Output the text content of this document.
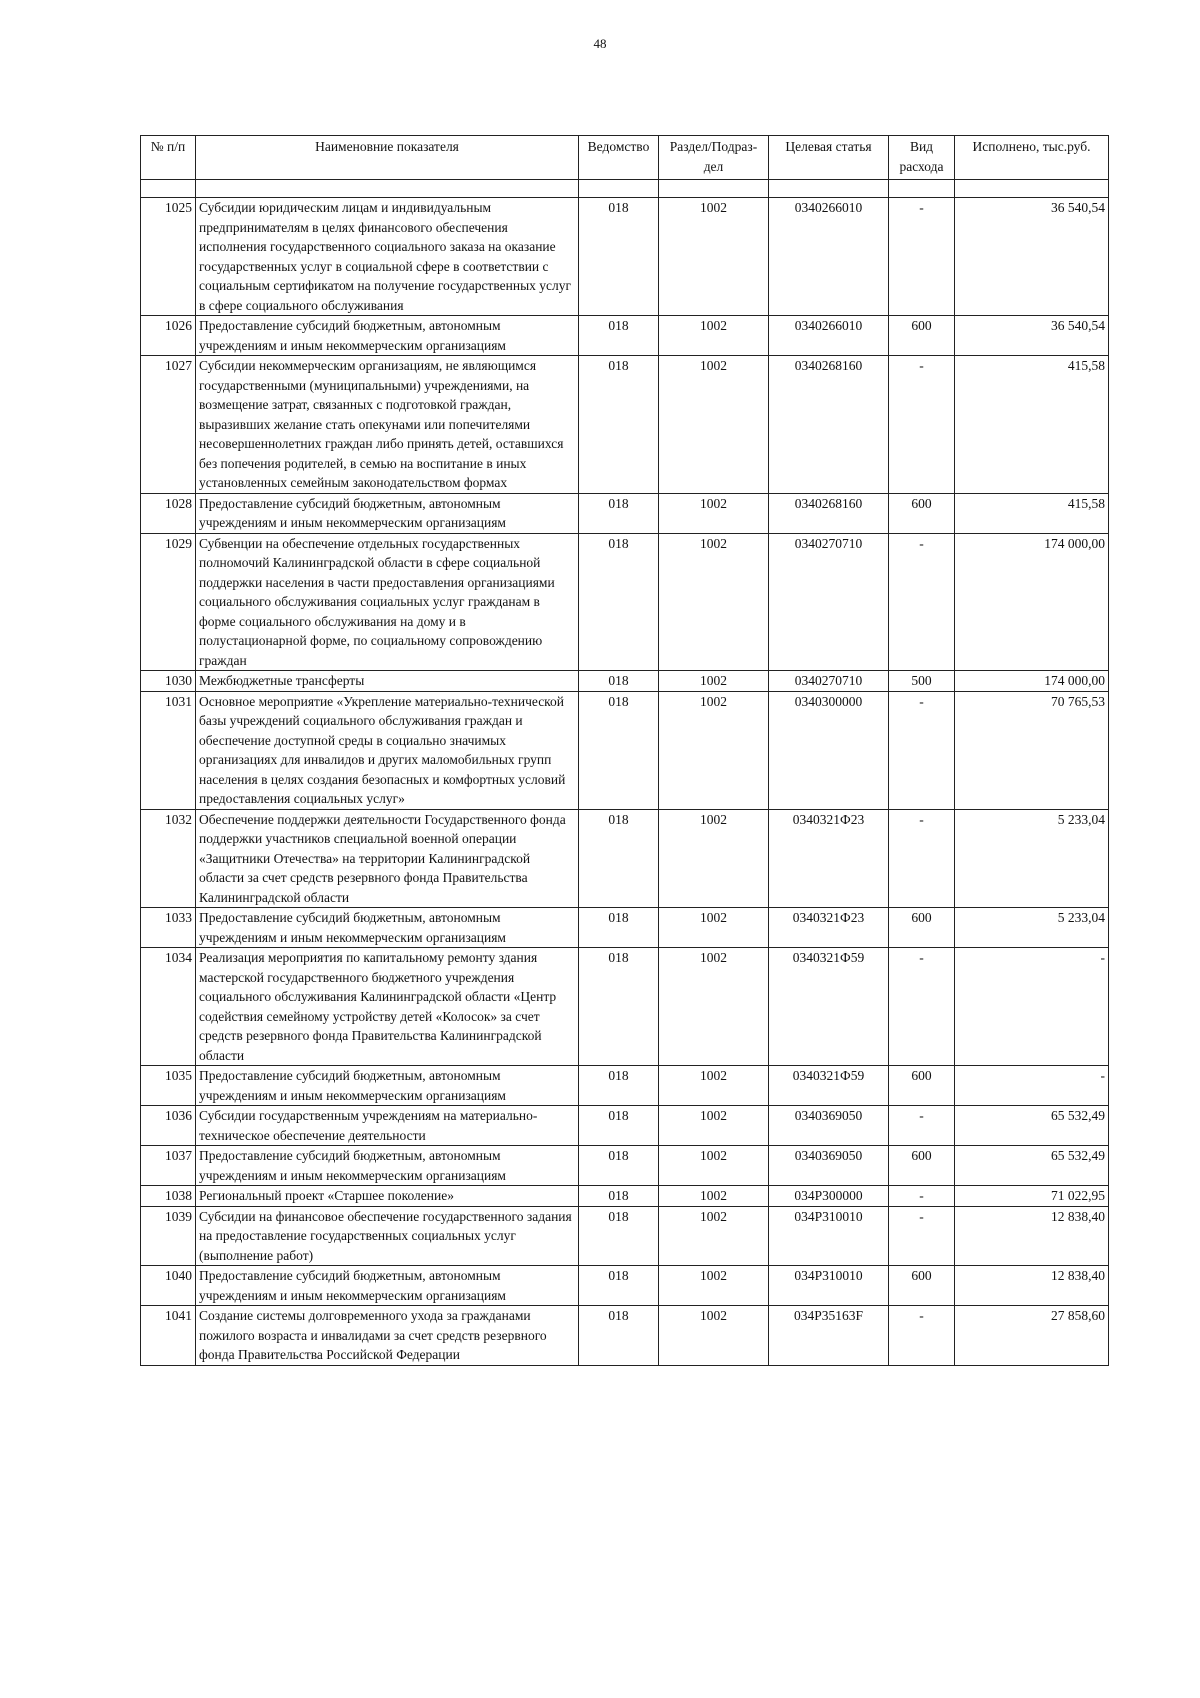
48
№ п/п	Наименовние показателя	Ведомство	Раздел/Подраз-дел	Целевая статья	Вид расхода	Исполнено, тыс.руб.

1025	Субсидии юридическим лицам и индивидуальным предпринимателям в целях финансового обеспечения исполнения государственного социального заказа на оказание государственных услуг в социальной сфере в соответствии с социальным сертификатом на получение государственных услуг в сфере социального обслуживания	018	1002	0340266010	-	36 540,54
1026	Предоставление субсидий бюджетным, автономным учреждениям и иным некоммерческим организациям	018	1002	0340266010	600	36 540,54
1027	Субсидии некоммерческим организациям, не являющимся государственными (муниципальными) учреждениями, на возмещение затрат, связанных с подготовкой граждан, выразивших желание стать опекунами или попечителями несовершеннолетних граждан либо принять детей, оставшихся без попечения родителей, в семью на воспитание в иных установленных семейным законодательством формах	018	1002	0340268160	-	415,58
1028	Предоставление субсидий бюджетным, автономным учреждениям и иным некоммерческим организациям	018	1002	0340268160	600	415,58
1029	Субвенции на обеспечение отдельных государственных полномочий Калининградской области в сфере социальной поддержки населения в части предоставления организациями социального обслуживания социальных услуг гражданам в форме социального обслуживания на дому и в полустационарной форме, по социальному сопровождению граждан	018	1002	0340270710	-	174 000,00
1030	Межбюджетные трансферты	018	1002	0340270710	500	174 000,00
1031	Основное мероприятие «Укрепление материально-технической базы учреждений социального обслуживания граждан и обеспечение доступной среды в социально значимых организациях для инвалидов и других маломобильных групп населения в целях создания безопасных и комфортных условий предоставления социальных услуг»	018	1002	0340300000	-	70 765,53
1032	Обеспечение поддержки деятельности Государственного фонда поддержки участников специальной военной операции «Защитники Отечества» на территории Калининградской области за счет средств резервного фонда Правительства Калининградской области	018	1002	0340321Ф23	-	5 233,04
1033	Предоставление субсидий бюджетным, автономным учреждениям и иным некоммерческим организациям	018	1002	0340321Ф23	600	5 233,04
1034	Реализация мероприятия по капитальному ремонту здания мастерской государственного бюджетного учреждения социального обслуживания Калининградской области «Центр содействия семейному устройству детей «Колосок» за счет средств резервного фонда Правительства Калининградской области	018	1002	0340321Ф59	-	-
1035	Предоставление субсидий бюджетным, автономным учреждениям и иным некоммерческим организациям	018	1002	0340321Ф59	600	-
1036	Субсидии государственным учреждениям на материально-техническое обеспечение деятельности	018	1002	0340369050	-	65 532,49
1037	Предоставление субсидий бюджетным, автономным учреждениям и иным некоммерческим организациям	018	1002	0340369050	600	65 532,49
1038	Региональный проект «Старшее поколение»	018	1002	034P300000	-	71 022,95
1039	Субсидии на финансовое обеспечение государственного задания на предоставление государственных социальных услуг (выполнение работ)	018	1002	034P310010	-	12 838,40
1040	Предоставление субсидий бюджетным, автономным учреждениям и иным некоммерческим организациям	018	1002	034P310010	600	12 838,40
1041	Создание системы долговременного ухода за гражданами пожилого возраста и инвалидами за счет средств резервного фонда Правительства Российской Федерации	018	1002	034P35163F	-	27 858,60
